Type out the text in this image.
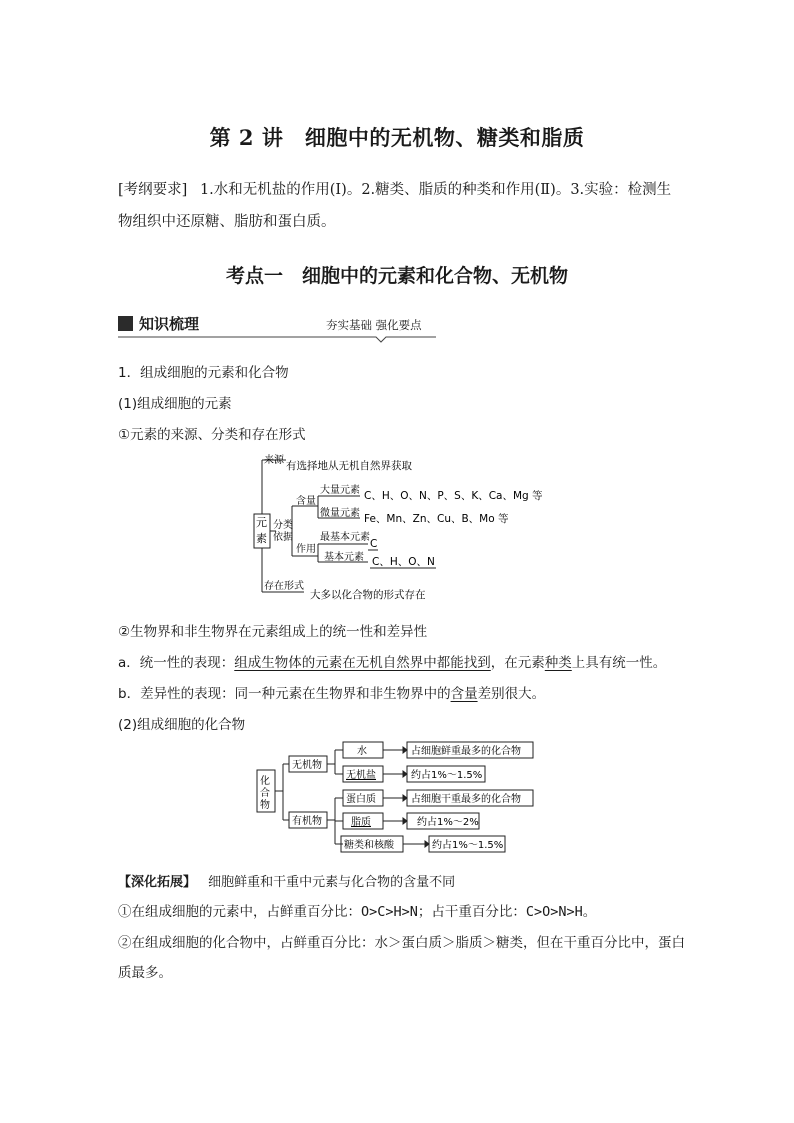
第 2 讲　细胞中的无机物、糖类和脂质
[考纲要求] 1.水和无机盐的作用(Ⅰ)。2.糖类、脂质的种类和作用(Ⅱ)。3.实验：检测生物组织中还原糖、脂肪和蛋白质。
考点一　细胞中的元素和化合物、无机物
知识梳理	夯实基础 强化要点
1．组成细胞的元素和化合物
(1)组成细胞的元素
①元素的来源、分类和存在形式
元
素
来源 有选择地从无机自然界获取
分类
依据
含量
大量元素 C、H、O、N、P、S、K、Ca、Mg 等
微量元素 Fe、Mn、Zn、Cu、B、Mo 等
作用
最基本元素
C
基本元素 C、H、O、N
存在形式
大多以化合物的形式存在
②生物界和非生物界在元素组成上的统一性和差异性
a．统一性的表现：组成生物体的元素在无机自然界中都能找到，在元素种类上具有统一性。
b．差异性的表现：同一种元素在生物界和非生物界中的含量差别很大。
(2)组成细胞的化合物
化
合
物
无机物
有机物
水
无机盐
蛋白质
脂质
糖类和核酸
占细胞鲜重最多的化合物
约占1%～1.5%
占细胞干重最多的化合物
约占1%～2%
约占1%～1.5%
【深化拓展】 细胞鲜重和干重中元素与化合物的含量不同
①在组成细胞的元素中，占鲜重百分比：O>C>H>N；占干重百分比：C>O>N>H。
②在组成细胞的化合物中，占鲜重百分比：水＞蛋白质＞脂质＞糖类，但在干重百分比中，蛋白质最多。
